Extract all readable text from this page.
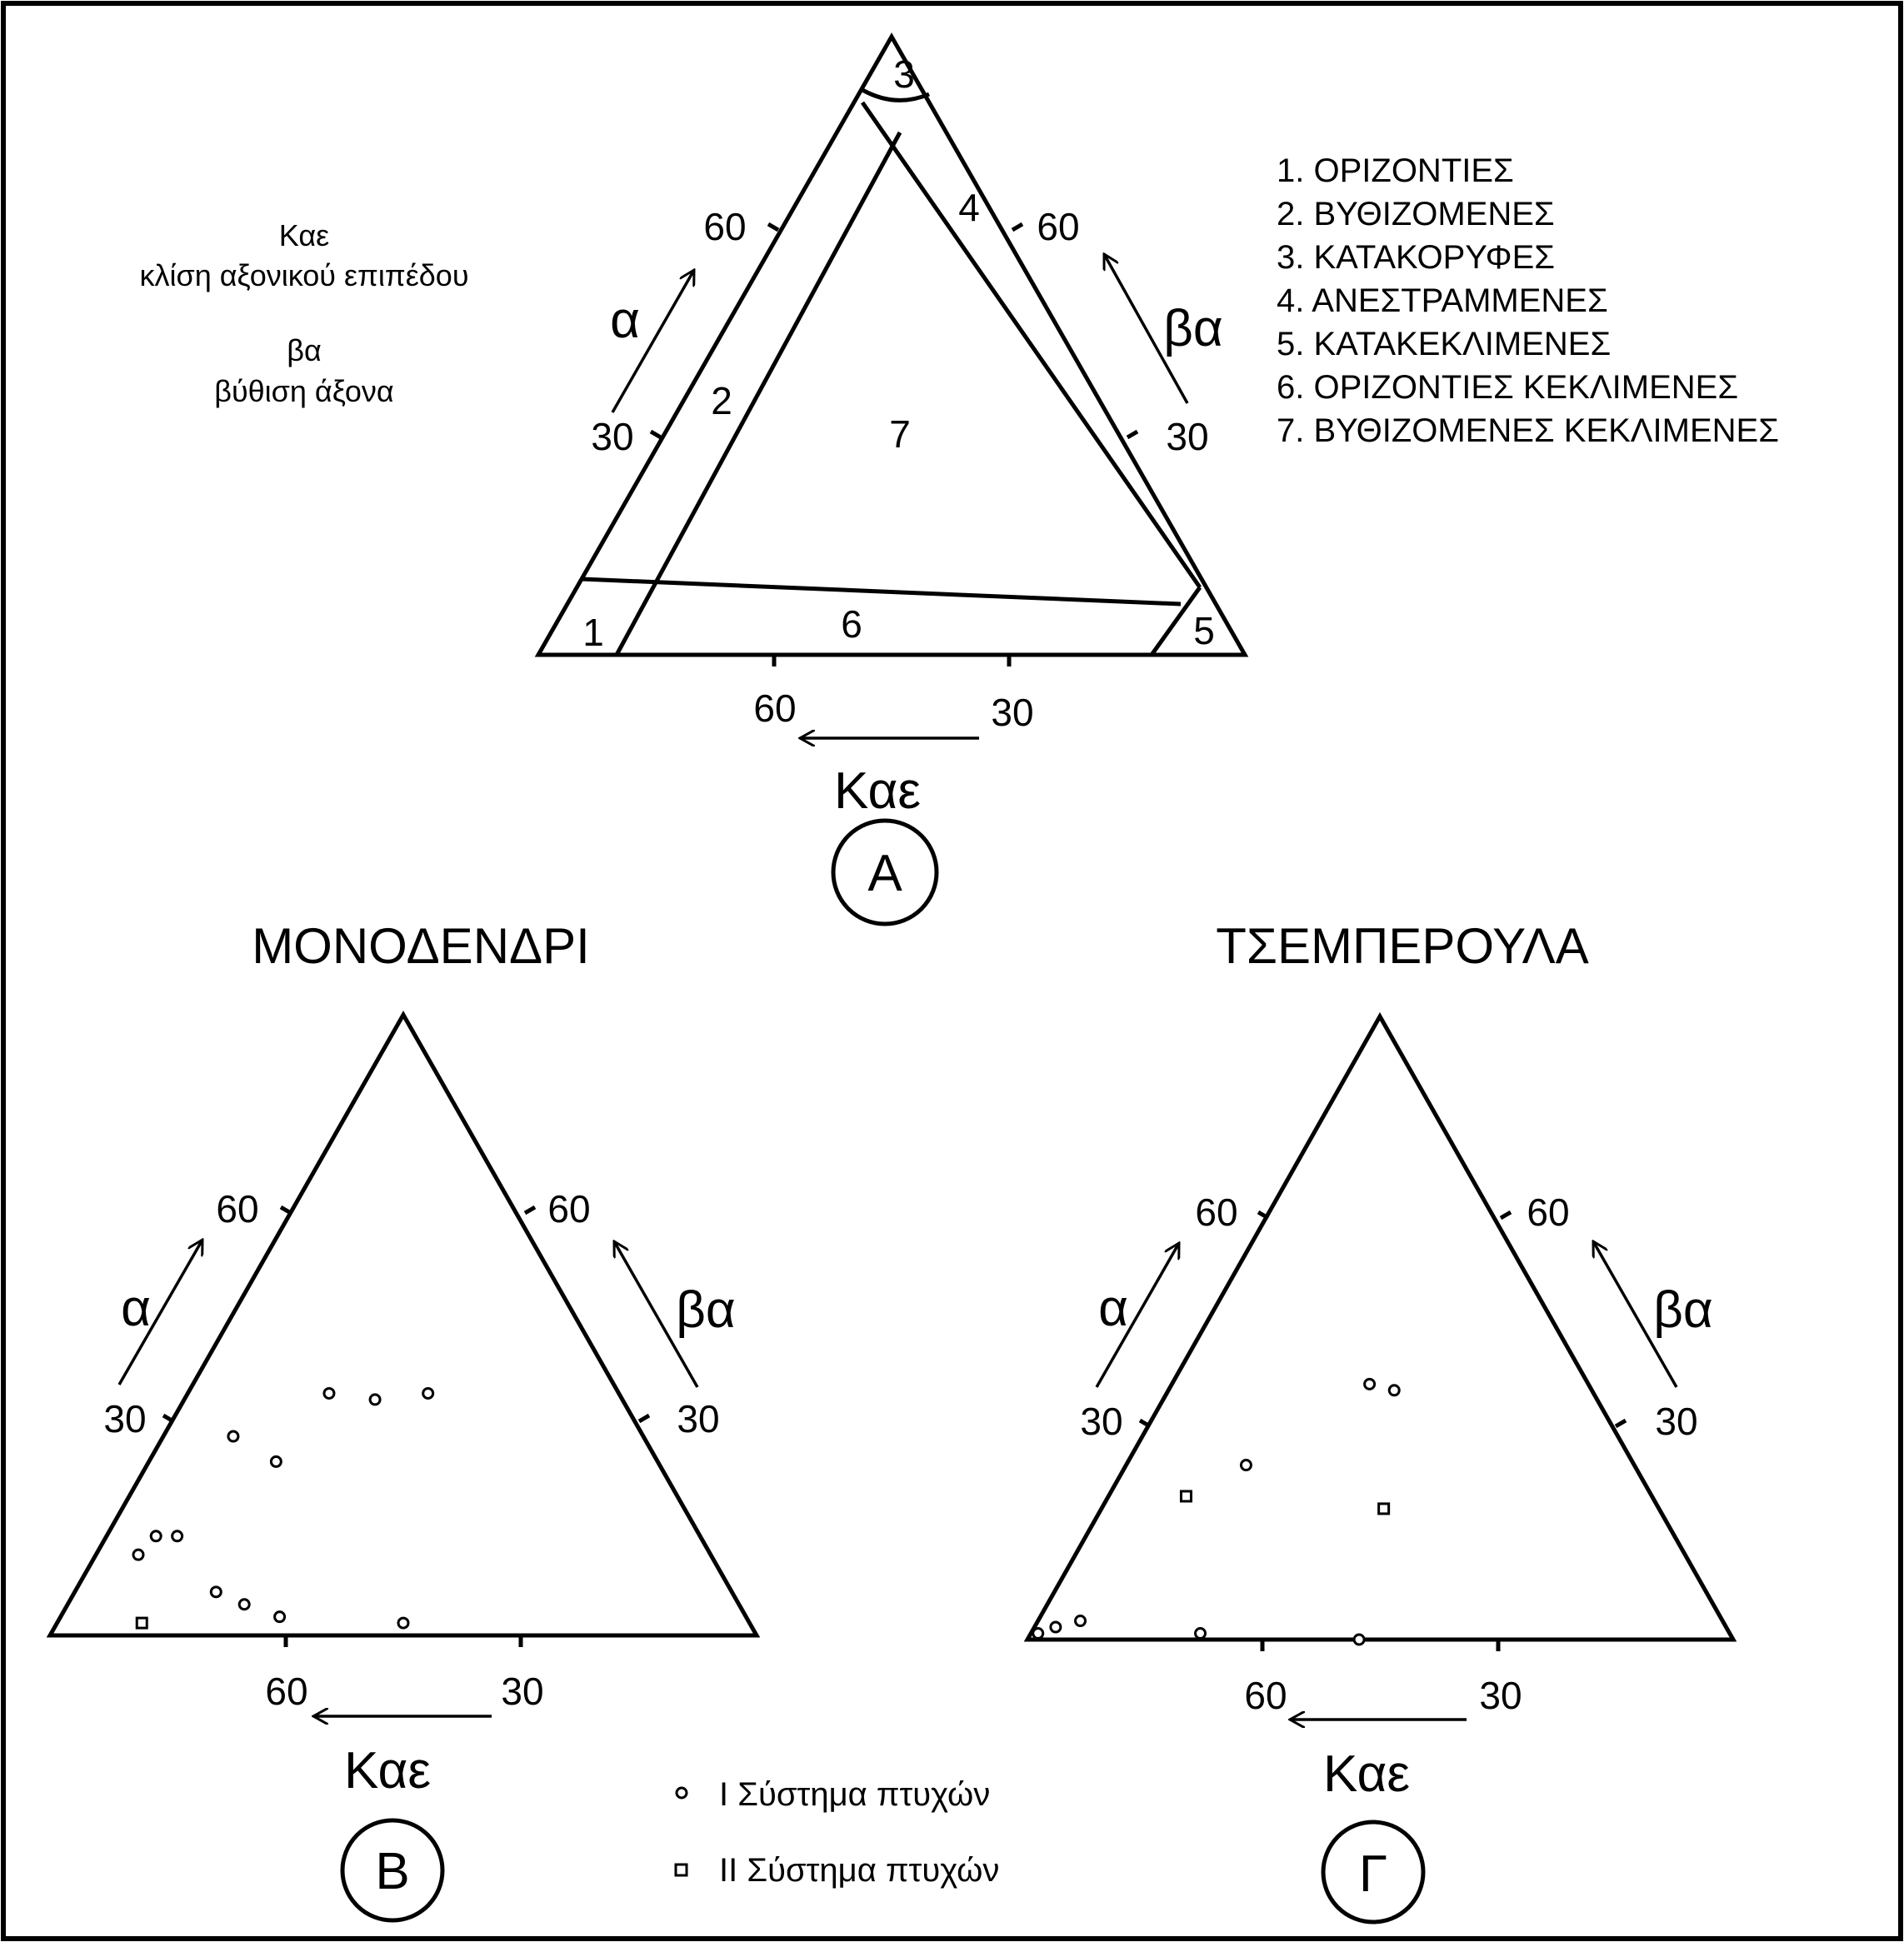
1
2
3
4
5
6
7
60
30
60
30
60	30
α	βα
Καε
A
Καε
κλίση αξονικού επιπέδου
βα
βύθιση άξονα
1. ΟΡΙΖΟΝΤΙΕΣ
2. ΒΥΘΙΖΟΜΕΝΕΣ
3. ΚΑΤΑΚΟΡΥΦΕΣ
4. ΑΝΕΣΤΡΑΜΜΕΝΕΣ
5. ΚΑΤΑΚΕΚΛΙΜΕΝΕΣ
6. ΟΡΙΖΟΝΤΙΕΣ ΚΕΚΛΙΜΕΝΕΣ
7. ΒΥΘΙΖΟΜΕΝΕΣ ΚΕΚΛΙΜΕΝΕΣ
ΜΟΝΟΔΕΝΔΡΙ
60
30
60
30
60	30
α	βα
Καε
B
ΤΣΕΜΠΕΡΟΥΛΑ
60
30
60
30
60	30
α	βα
Καε
Γ
Ι Σύστημα πτυχών
ΙΙ Σύστημα πτυχών
